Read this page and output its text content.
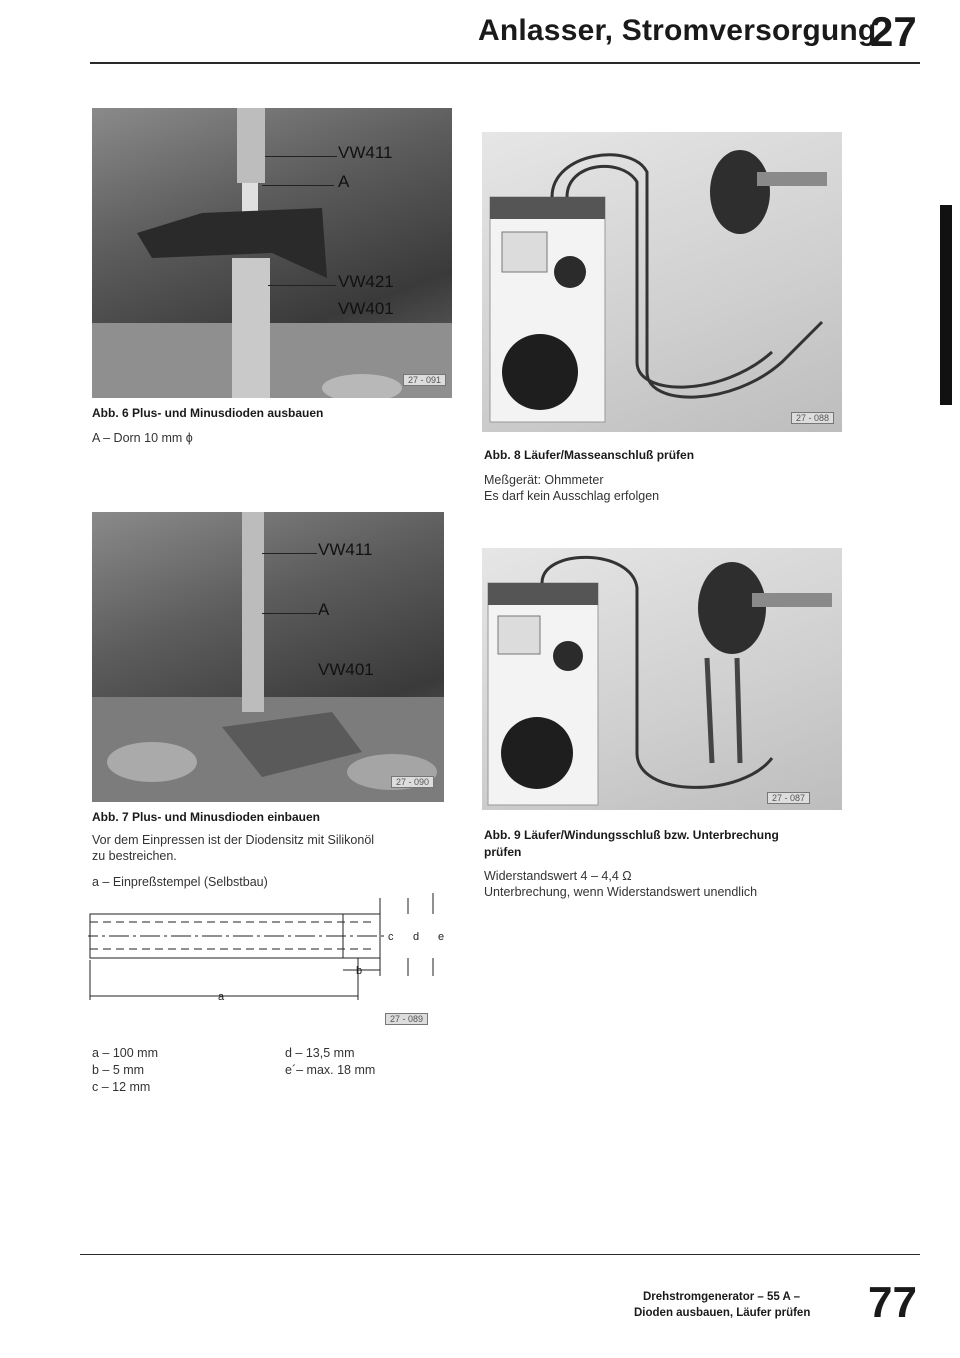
Anlasser, Stromversorgung
27
27 - 091
VW411
A
VW421
VW401
Abb. 6 Plus- und Minusdioden ausbauen
A – Dorn 10 mm ϕ
27 - 090
VW411
A
VW401
Abb. 7 Plus- und Minusdioden einbauen
Vor dem Einpressen ist der Diodensitz mit Silikonöl
zu bestreichen.
a – Einpreßstempel (Selbstbau)
c d e
b
a
27 - 089
a – 100 mm
b – 5 mm
c – 12 mm
d – 13,5 mm
e´– max. 18 mm
27 - 088
Abb. 8 Läufer/Masseanschluß prüfen
Meßgerät: Ohmmeter
Es darf kein Ausschlag erfolgen
27 - 087
Abb. 9 Läufer/Windungsschluß bzw. Unterbrechung
prüfen
Widerstandswert 4 – 4,4 Ω
Unterbrechung, wenn Widerstandswert unendlich
Drehstromgenerator – 55 A –
Dioden ausbauen, Läufer prüfen 77
